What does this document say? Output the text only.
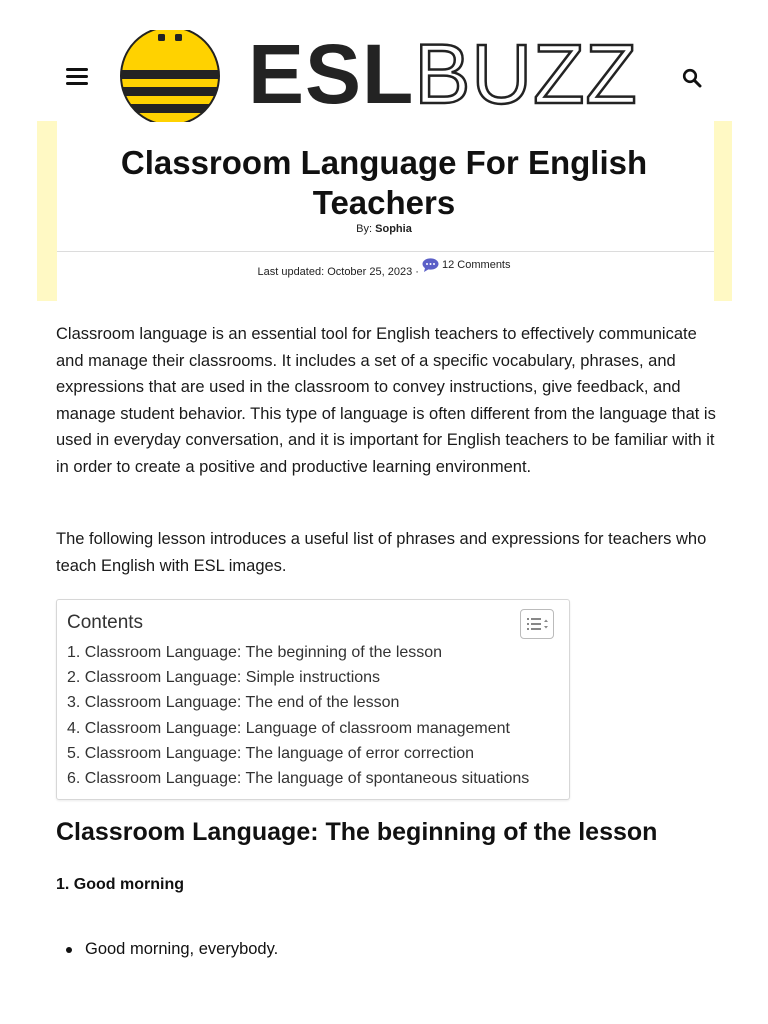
ESLBUZZ
Classroom Language For English Teachers
By: Sophia
Last updated: October 25, 2023 ·
12 Comments

Classroom language is an essential tool for English teachers to effectively communicate and manage their classrooms. It includes a set of a specific vocabulary, phrases, and expressions that are used in the classroom to convey instructions, give feedback, and manage student behavior. This type of language is often different from the language that is used in everyday conversation, and it is important for English teachers to be familiar with it in order to create a positive and productive learning environment.

The following lesson introduces a useful list of phrases and expressions for teachers who teach English with ESL images.

Contents
1. Classroom Language: The beginning of the lesson
2. Classroom Language: Simple instructions
3. Classroom Language: The end of the lesson
4. Classroom Language: Language of classroom management
5. Classroom Language: The language of error correction
6. Classroom Language: The language of spontaneous situations
Classroom Language: The beginning of the lesson
1. Good morning
Good morning, everybody.
